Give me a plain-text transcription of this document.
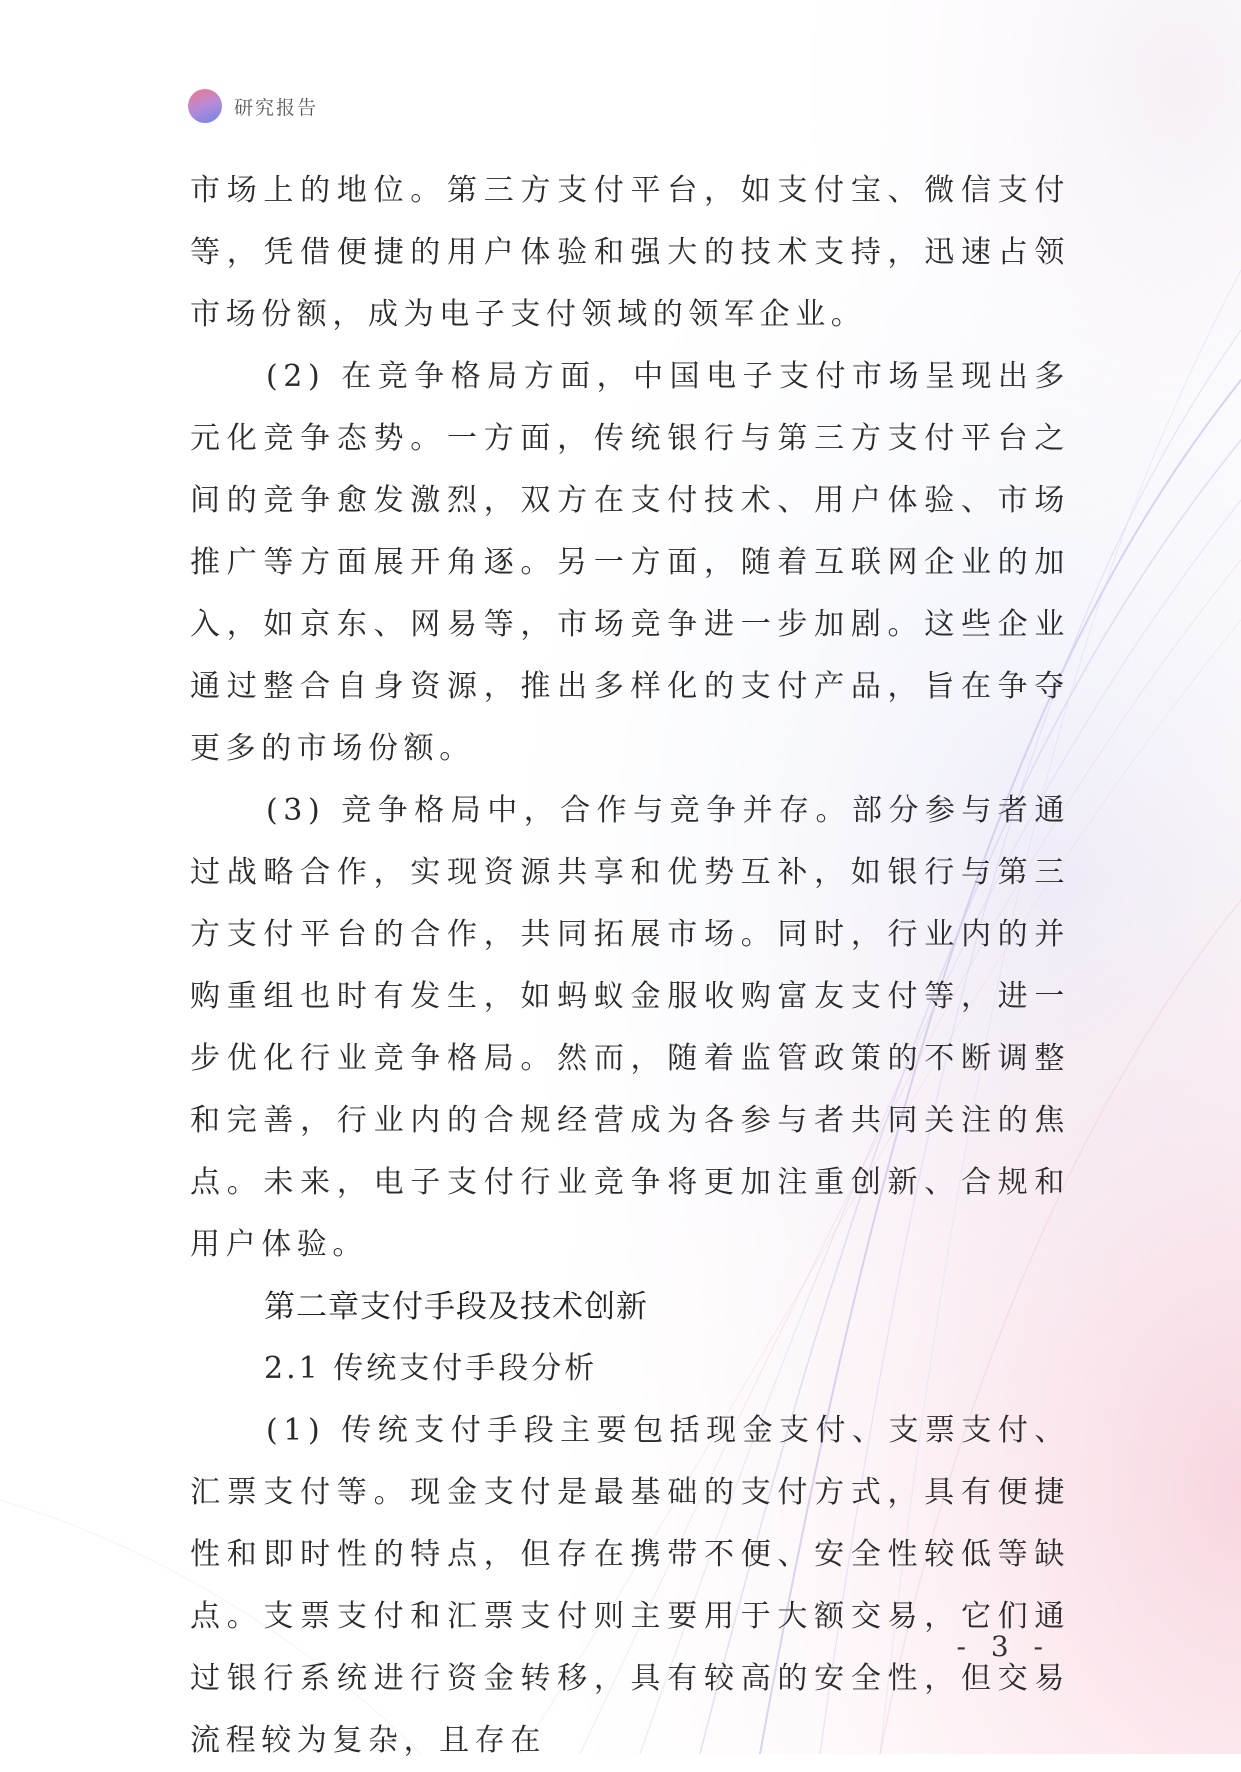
研究报告

市场上的地位。第三方支付平台，如支付宝、微信支付等，凭借便捷的用户体验和强大的技术支持，迅速占领市场份额，成为电子支付领域的领军企业。

(2) 在竞争格局方面，中国电子支付市场呈现出多元化竞争态势。一方面，传统银行与第三方支付平台之间的竞争愈发激烈，双方在支付技术、用户体验、市场推广等方面展开角逐。另一方面，随着互联网企业的加入，如京东、网易等，市场竞争进一步加剧。这些企业通过整合自身资源，推出多样化的支付产品，旨在争夺更多的市场份额。

(3) 竞争格局中，合作与竞争并存。部分参与者通过战略合作，实现资源共享和优势互补，如银行与第三方支付平台的合作，共同拓展市场。同时，行业内的并购重组也时有发生，如蚂蚁金服收购富友支付等，进一步优化行业竞争格局。然而，随着监管政策的不断调整和完善，行业内的合规经营成为各参与者共同关注的焦点。未来，电子支付行业竞争将更加注重创新、合规和用户体验。

第二章支付手段及技术创新

2.1 传统支付手段分析

(1) 传统支付手段主要包括现金支付、支票支付、汇票支付等。现金支付是最基础的支付方式，具有便捷性和即时性的特点，但存在携带不便、安全性较低等缺点。支票支付和汇票支付则主要用于大额交易，它们通过银行系统进行资金转移，具有较高的安全性，但交易流程较为复杂，且存在

- 3 -
